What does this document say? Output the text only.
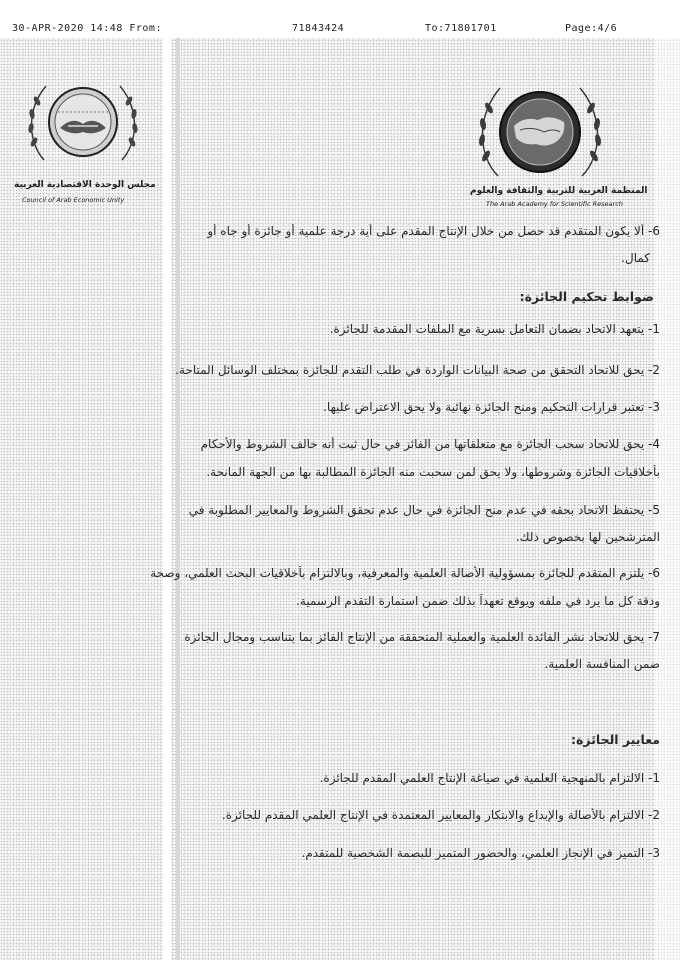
30-APR-2020 14:48 From:	71843424	To:71801701	Page:4/6
مجلس الوحدة الاقتصادية العربية
Council of Arab Economic Unity
المنظمة العربية للتربية والثقافة والعلوم
The Arab Academy for Scientific Research
6- ألا يكون المتقدم قد حصل من خلال الإنتاج المقدم على أية درجة علمية أو جائزة أو جاه أو
كمال.
ضوابط تحكيم الجائزة:
1- يتعهد الاتحاد بضمان التعامل بسرية مع الملفات المقدمة للجائزة.
2- يحق للاتحاد التحقق من صحة البيانات الواردة في طلب التقدم للجائزة بمختلف الوسائل المتاحة.
3- تعتبر قرارات التحكيم ومنح الجائزة نهائية ولا يحق الاعتراض عليها.
4- يحق للاتحاد سحب الجائزة مع متعلقاتها من الفائز في حال ثبت أنه خالف الشروط والأحكام
بأخلاقيات الجائزة وشروطها، ولا يحق لمن سحبت منه الجائزة المطالبة بها من الجهة المانحة.
5- يحتفظ الاتحاد بحقه في عدم منح الجائزة في حال عدم تحقق الشروط والمعايير المطلوبة في
المترشحين لها بخصوص ذلك.
6- يلتزم المتقدم للجائزة بمسؤولية الأصالة العلمية والمعرفية، وبالالتزام بأخلاقيات البحث العلمي، وصحة
ودقة كل ما يرد في ملفه ويوقع تعهداً بذلك ضمن استمارة التقدم الرسمية.
7- يحق للاتحاد نشر الفائدة العلمية والعملية المتحققة من الإنتاج الفائز بما يتناسب ومجال الجائزة
ضمن المنافسة العلمية.
معايير الجائزة:
1- الالتزام بالمنهجية العلمية في صياغة الإنتاج العلمي المقدم للجائزة.
2- الالتزام بالأصالة والإبداع والابتكار والمعايير المعتمدة في الإنتاج العلمي المقدم للجائزة.
3- التميز في الإنجاز العلمي، والحضور المتميز للبصمة الشخصية للمتقدم.
